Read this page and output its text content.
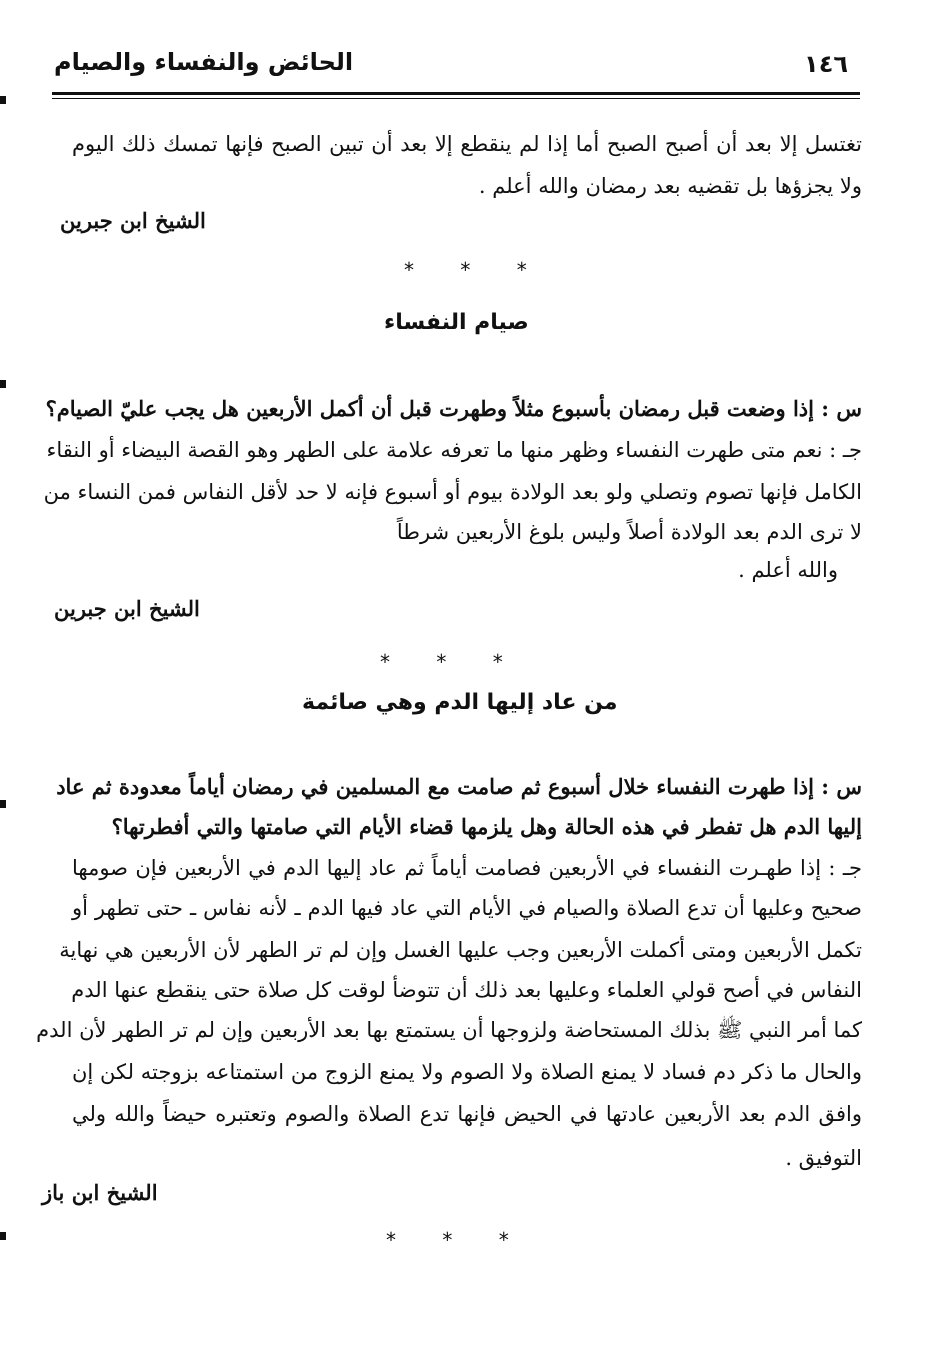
الحائض والنفساء والصيام	١٤٦
تغتسل إلا بعد أن أصبح الصبح أما إذا لم ينقطع إلا بعد أن تبين الصبح فإنها تمسك ذلك اليوم
ولا يجزؤها بل تقضيه بعد رمضان والله أعلم .
الشيخ ابن جبرين
* * *
صيام النفساء
س : إذا وضعت قبل رمضان بأسبوع مثلاً وطهرت قبل أن أكمل الأربعين هل يجب عليّ الصيام؟
جـ : نعم متى طهرت النفساء وظهر منها ما تعرفه علامة على الطهر وهو القصة البيضاء أو النقاء
الكامل فإنها تصوم وتصلي ولو بعد الولادة بيوم أو أسبوع فإنه لا حد لأقل النفاس فمن النساء من
لا ترى الدم بعد الولادة أصلاً وليس بلوغ الأربعين شرطاً
والله أعلم .
الشيخ ابن جبرين
* * *
من عاد إليها الدم وهي صائمة
س : إذا طهرت النفساء خلال أسبوع ثم صامت مع المسلمين في رمضان أياماً معدودة ثم عاد
إليها الدم هل تفطر في هذه الحالة وهل يلزمها قضاء الأيام التي صامتها والتي أفطرتها؟
جـ : إذا طهـرت النفساء في الأربعين فصامت أياماً ثم عاد إليها الدم في الأربعين فإن صومها
صحيح وعليها أن تدع الصلاة والصيام في الأيام التي عاد فيها الدم ـ لأنه نفاس ـ حتى تطهر أو
تكمل الأربعين ومتى أكملت الأربعين وجب عليها الغسل وإن لم تر الطهر لأن الأربعين هي نهاية
النفاس في أصح قولي العلماء وعليها بعد ذلك أن تتوضأ لوقت كل صلاة حتى ينقطع عنها الدم
كما أمر النبي ﷺ بذلك المستحاضة ولزوجها أن يستمتع بها بعد الأربعين وإن لم تر الطهر لأن الدم
والحال ما ذكر دم فساد لا يمنع الصلاة ولا الصوم ولا يمنع الزوج من استمتاعه بزوجته لكن إن
وافق الدم بعد الأربعين عادتها في الحيض فإنها تدع الصلاة والصوم وتعتبره حيضاً والله ولي
التوفيق .
الشيخ ابن باز
* * *
